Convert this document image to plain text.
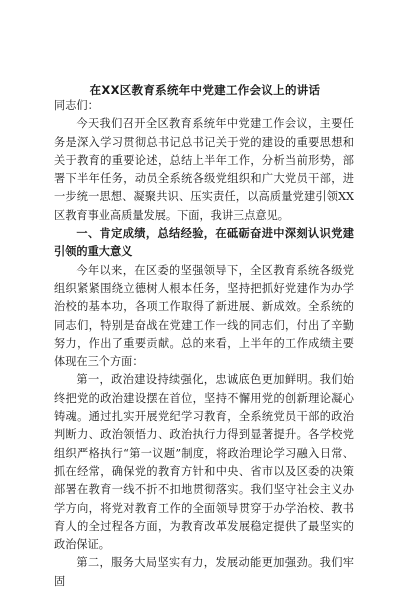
在XX区教育系统年中党建工作会议上的讲话

同志们：

今天我们召开全区教育系统年中党建工作会议，主要任务是深入学习贯彻总书记总书记关于党的建设的重要思想和关于教育的重要论述，总结上半年工作，分析当前形势，部署下半年任务，动员全系统各级党组织和广大党员干部，进一步统一思想、凝聚共识、压实责任，以高质量党建引领XX区教育事业高质量发展。下面，我讲三点意见。

一、肯定成绩，总结经验，在砥砺奋进中深刻认识党建引领的重大意义

今年以来，在区委的坚强领导下，全区教育系统各级党组织紧紧围绕立德树人根本任务，坚持把抓好党建作为办学治校的基本功，各项工作取得了新进展、新成效。全系统的同志们，特别是奋战在党建工作一线的同志们，付出了辛勤努力，作出了重要贡献。总的来看，上半年的工作成绩主要体现在三个方面：

第一，政治建设持续强化，忠诚底色更加鲜明。我们始终把党的政治建设摆在首位，坚持不懈用党的创新理论凝心铸魂。通过扎实开展党纪学习教育，全系统党员干部的政治判断力、政治领悟力、政治执行力得到显著提升。各学校党组织严格执行“第一议题”制度，将政治理论学习融入日常、抓在经常，确保党的教育方针和中央、省市以及区委的决策部署在教育一线不折不扣地贯彻落实。我们坚守社会主义办学方向，将党对教育工作的全面领导贯穿于办学治校、教书育人的全过程各方面，为教育改革发展稳定提供了最坚实的政治保证。

第二，服务大局坚实有力，发展动能更加强劲。我们牢固
